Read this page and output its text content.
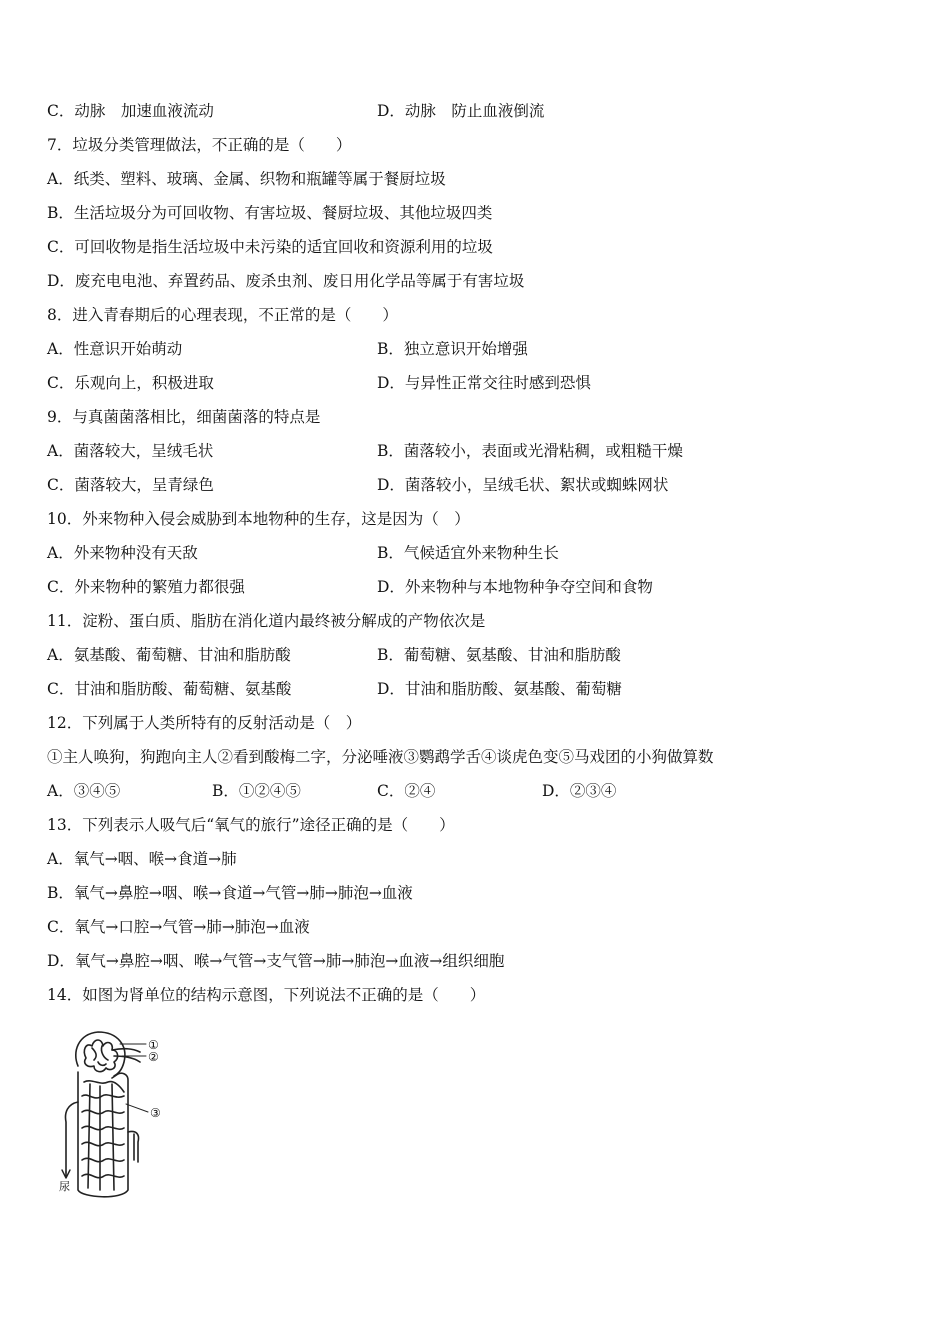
C．动脉　加速血液流动	D．动脉　防止血液倒流
7．垃圾分类管理做法，不正确的是（　　）
A．纸类、塑料、玻璃、金属、织物和瓶罐等属于餐厨垃圾
B．生活垃圾分为可回收物、有害垃圾、餐厨垃圾、其他垃圾四类
C．可回收物是指生活垃圾中未污染的适宜回收和资源利用的垃圾
D．废充电电池、弃置药品、废杀虫剂、废日用化学品等属于有害垃圾
8．进入青春期后的心理表现，不正常的是（　　）
A．性意识开始萌动	B．独立意识开始增强
C．乐观向上，积极进取	D．与异性正常交往时感到恐惧
9．与真菌菌落相比，细菌菌落的特点是
A．菌落较大，呈绒毛状	B．菌落较小，表面或光滑粘稠，或粗糙干燥
C．菌落较大，呈青绿色	D．菌落较小，呈绒毛状、絮状或蜘蛛网状
10．外来物种入侵会威胁到本地物种的生存，这是因为（　）
A．外来物种没有天敌	B．气候适宜外来物种生长
C．外来物种的繁殖力都很强	D．外来物种与本地物种争夺空间和食物
11．淀粉、蛋白质、脂肪在消化道内最终被分解成的产物依次是
A．氨基酸、葡萄糖、甘油和脂肪酸	B．葡萄糖、氨基酸、甘油和脂肪酸
C．甘油和脂肪酸、葡萄糖、氨基酸	D．甘油和脂肪酸、氨基酸、葡萄糖
12．下列属于人类所特有的反射活动是（　）
①主人唤狗，狗跑向主人②看到酸梅二字，分泌唾液③鹦鹉学舌④谈虎色变⑤马戏团的小狗做算数
A．③④⑤	B．①②④⑤	C．②④	D．②③④
13．下列表示人吸气后“氧气的旅行”途径正确的是（　　）
A．氧气→咽、喉→食道→肺
B．氧气→鼻腔→咽、喉→食道→气管→肺→肺泡→血液
C．氧气→口腔→气管→肺→肺泡→血液
D．氧气→鼻腔→咽、喉→气管→支气管→肺→肺泡→血液→组织细胞
14．如图为肾单位的结构示意图，下列说法不正确的是（　　）
①
②
③
尿
